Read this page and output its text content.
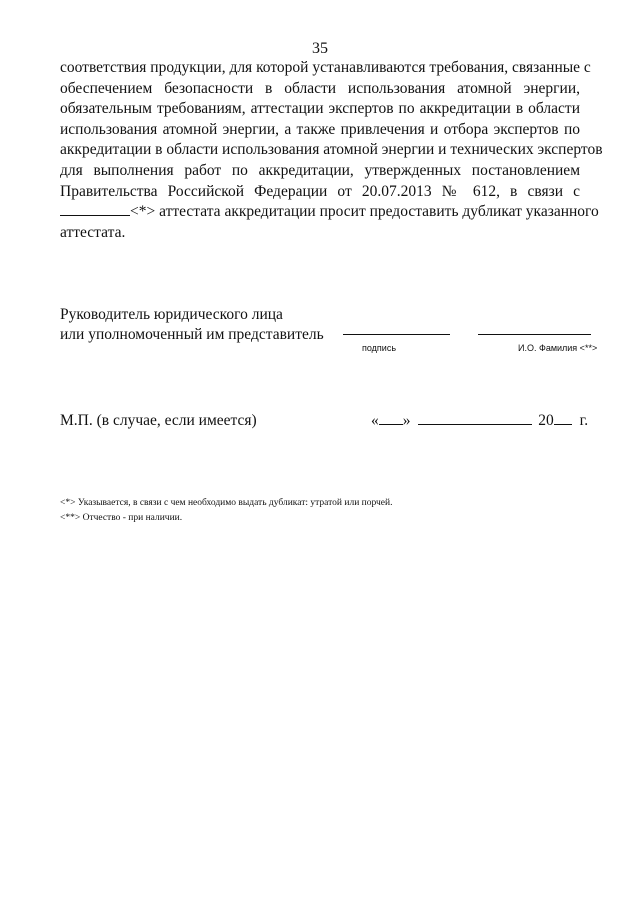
35
соответствия продукции, для которой устанавливаются требования, связанные с
обеспечением безопасности в области использования атомной энергии,
обязательным требованиям, аттестации экспертов по аккредитации в области
использования атомной энергии, а также привлечения и отбора экспертов по
аккредитации в области использования атомной энергии и технических экспертов
для выполнения работ по аккредитации, утвержденных постановлением
Правительства Российской Федерации от 20.07.2013 № 612, в связи с
<*> аттестата аккредитации просит предоставить дубликат указанного
аттестата.
Руководитель юридического лица
или уполномоченный им представитель
подпись	И.О. Фамилия <**>
М.П. (в случае, если имеется)	« »	20 г.
<*> Указывается, в связи с чем необходимо выдать дубликат: утратой или порчей.
<**> Отчество - при наличии.
